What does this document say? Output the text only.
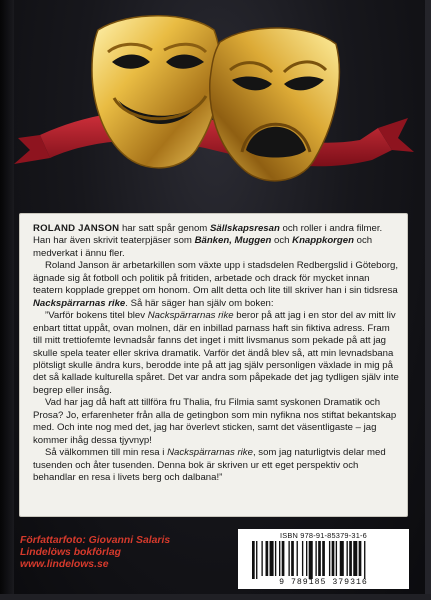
ROLAND JANSON har satt spår genom Sällskapsresan och roller i andra filmer. Han har även skrivit teaterpjäser som Bänken, Muggen och Knappkorgen och medverkat i ännu fler.

Roland Janson är arbetarkillen som växte upp i stadsdelen Redbergslid i Göteborg, ägnade sig åt fotboll och politik på fritiden, arbetade och drack för mycket innan teatern kopplade greppet om honom. Om allt detta och lite till skriver han i sin tidsresa Nackspärrarnas rike. Så här säger han själv om boken:

”Varför bokens titel blev Nackspärrarnas rike beror på att jag i en stor del av mitt liv enbart tittat uppåt, ovan molnen, där en inbillad parnass haft sin fiktiva adress. Fram till mitt trettiofemte levnadsår fanns det inget i mitt livsmanus som pekade på att jag skulle spela teater eller skriva dramatik. Varför det ändå blev så, att min levnadsbana plötsligt skulle ändra kurs, berodde inte på att jag själv personligen växlade in mig på det så kallade kulturella spåret. Det var andra som påpekade det jag tydligen själv inte begrep eller insåg.

Vad har jag då haft att tillföra fru Thalia, fru Filmia samt syskonen Dramatik och Prosa? Jo, erfarenheter från alla de getingbon som min nyfikna nos stiftat bekantskap med. Och inte nog med det, jag har överlevt sticken, samt det väsentligaste – jag kommer ihåg dessa tjyvnyp!

Så välkommen till min resa i Nackspärrarnas rike, som jag naturligtvis delar med tusenden och åter tusenden. Denna bok är skriven ur ett eget perspektiv och behandlar en resa i livets berg och dalbana!”

Författarfoto: Giovanni Salaris
Lindelöws bokförlag
www.lindelows.se
ISBN 978-91-85379-31-6
9 789185 379316
